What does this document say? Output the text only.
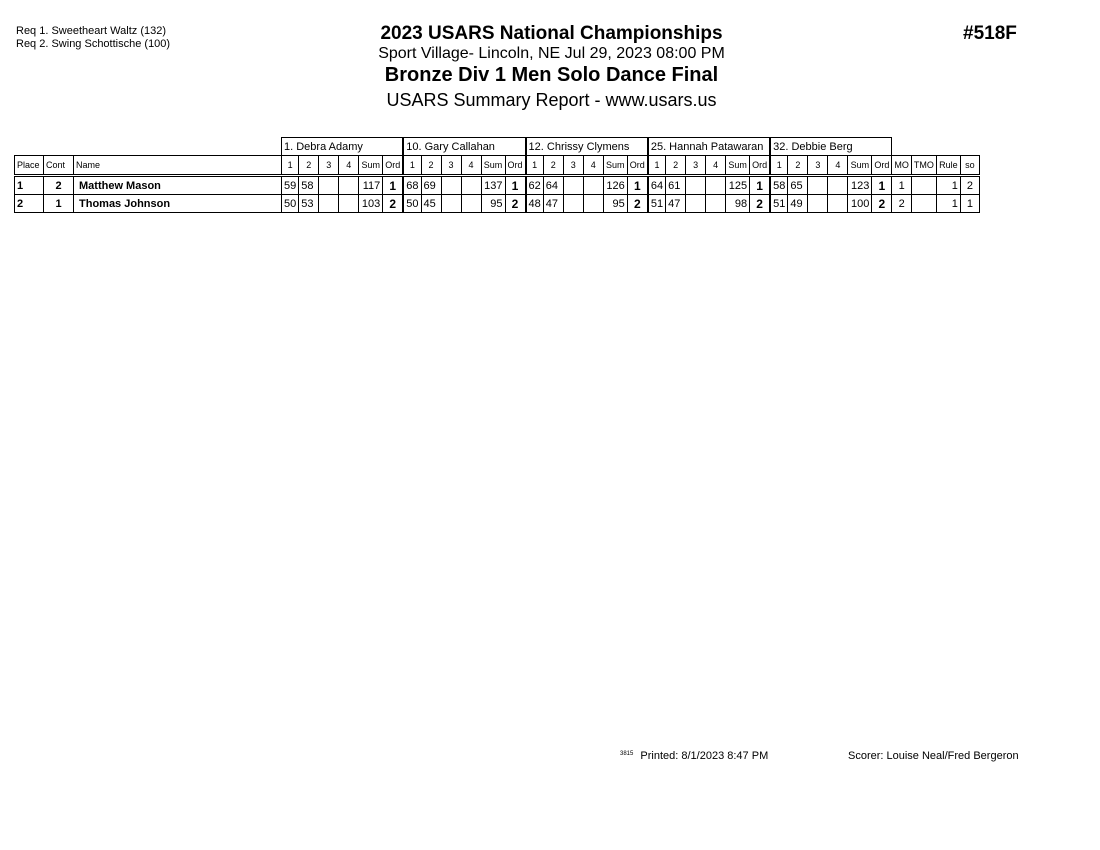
Req 1. Sweetheart Waltz (132)
Req 2. Swing Schottische (100)	#518F
2023 USARS National Championships
Sport Village- Lincoln, NE Jul 29, 2023 08:00 PM
Bronze Div 1 Men Solo Dance Final
USARS Summary Report - www.usars.us
			1. Debra Adamy						10. Gary Callahan						12. Chrissy Clymens						25. Hannah Patawaran						32. Debbie Berg									
Place	Cont	Name	1	2	3	4	Sum	Ord	1	2	3	4	Sum	Ord	1	2	3	4	Sum	Ord	1	2	3	4	Sum	Ord	1	2	3	4	Sum	Ord	MO	TMO	Rule	so
1	2	Matthew Mason	59	58			117	1	68	69			137	1	62	64			126	1	64	61			125	1	58	65			123	1	1		1	2
2	1	Thomas Johnson	50	53			103	2	50	45			95	2	48	47			95	2	51	47			98	2	51	49			100	2	2		1	1
$^{3815}$ Printed: 8/1/2023 8:47 PM	Scorer: Louise Neal/Fred Bergeron
